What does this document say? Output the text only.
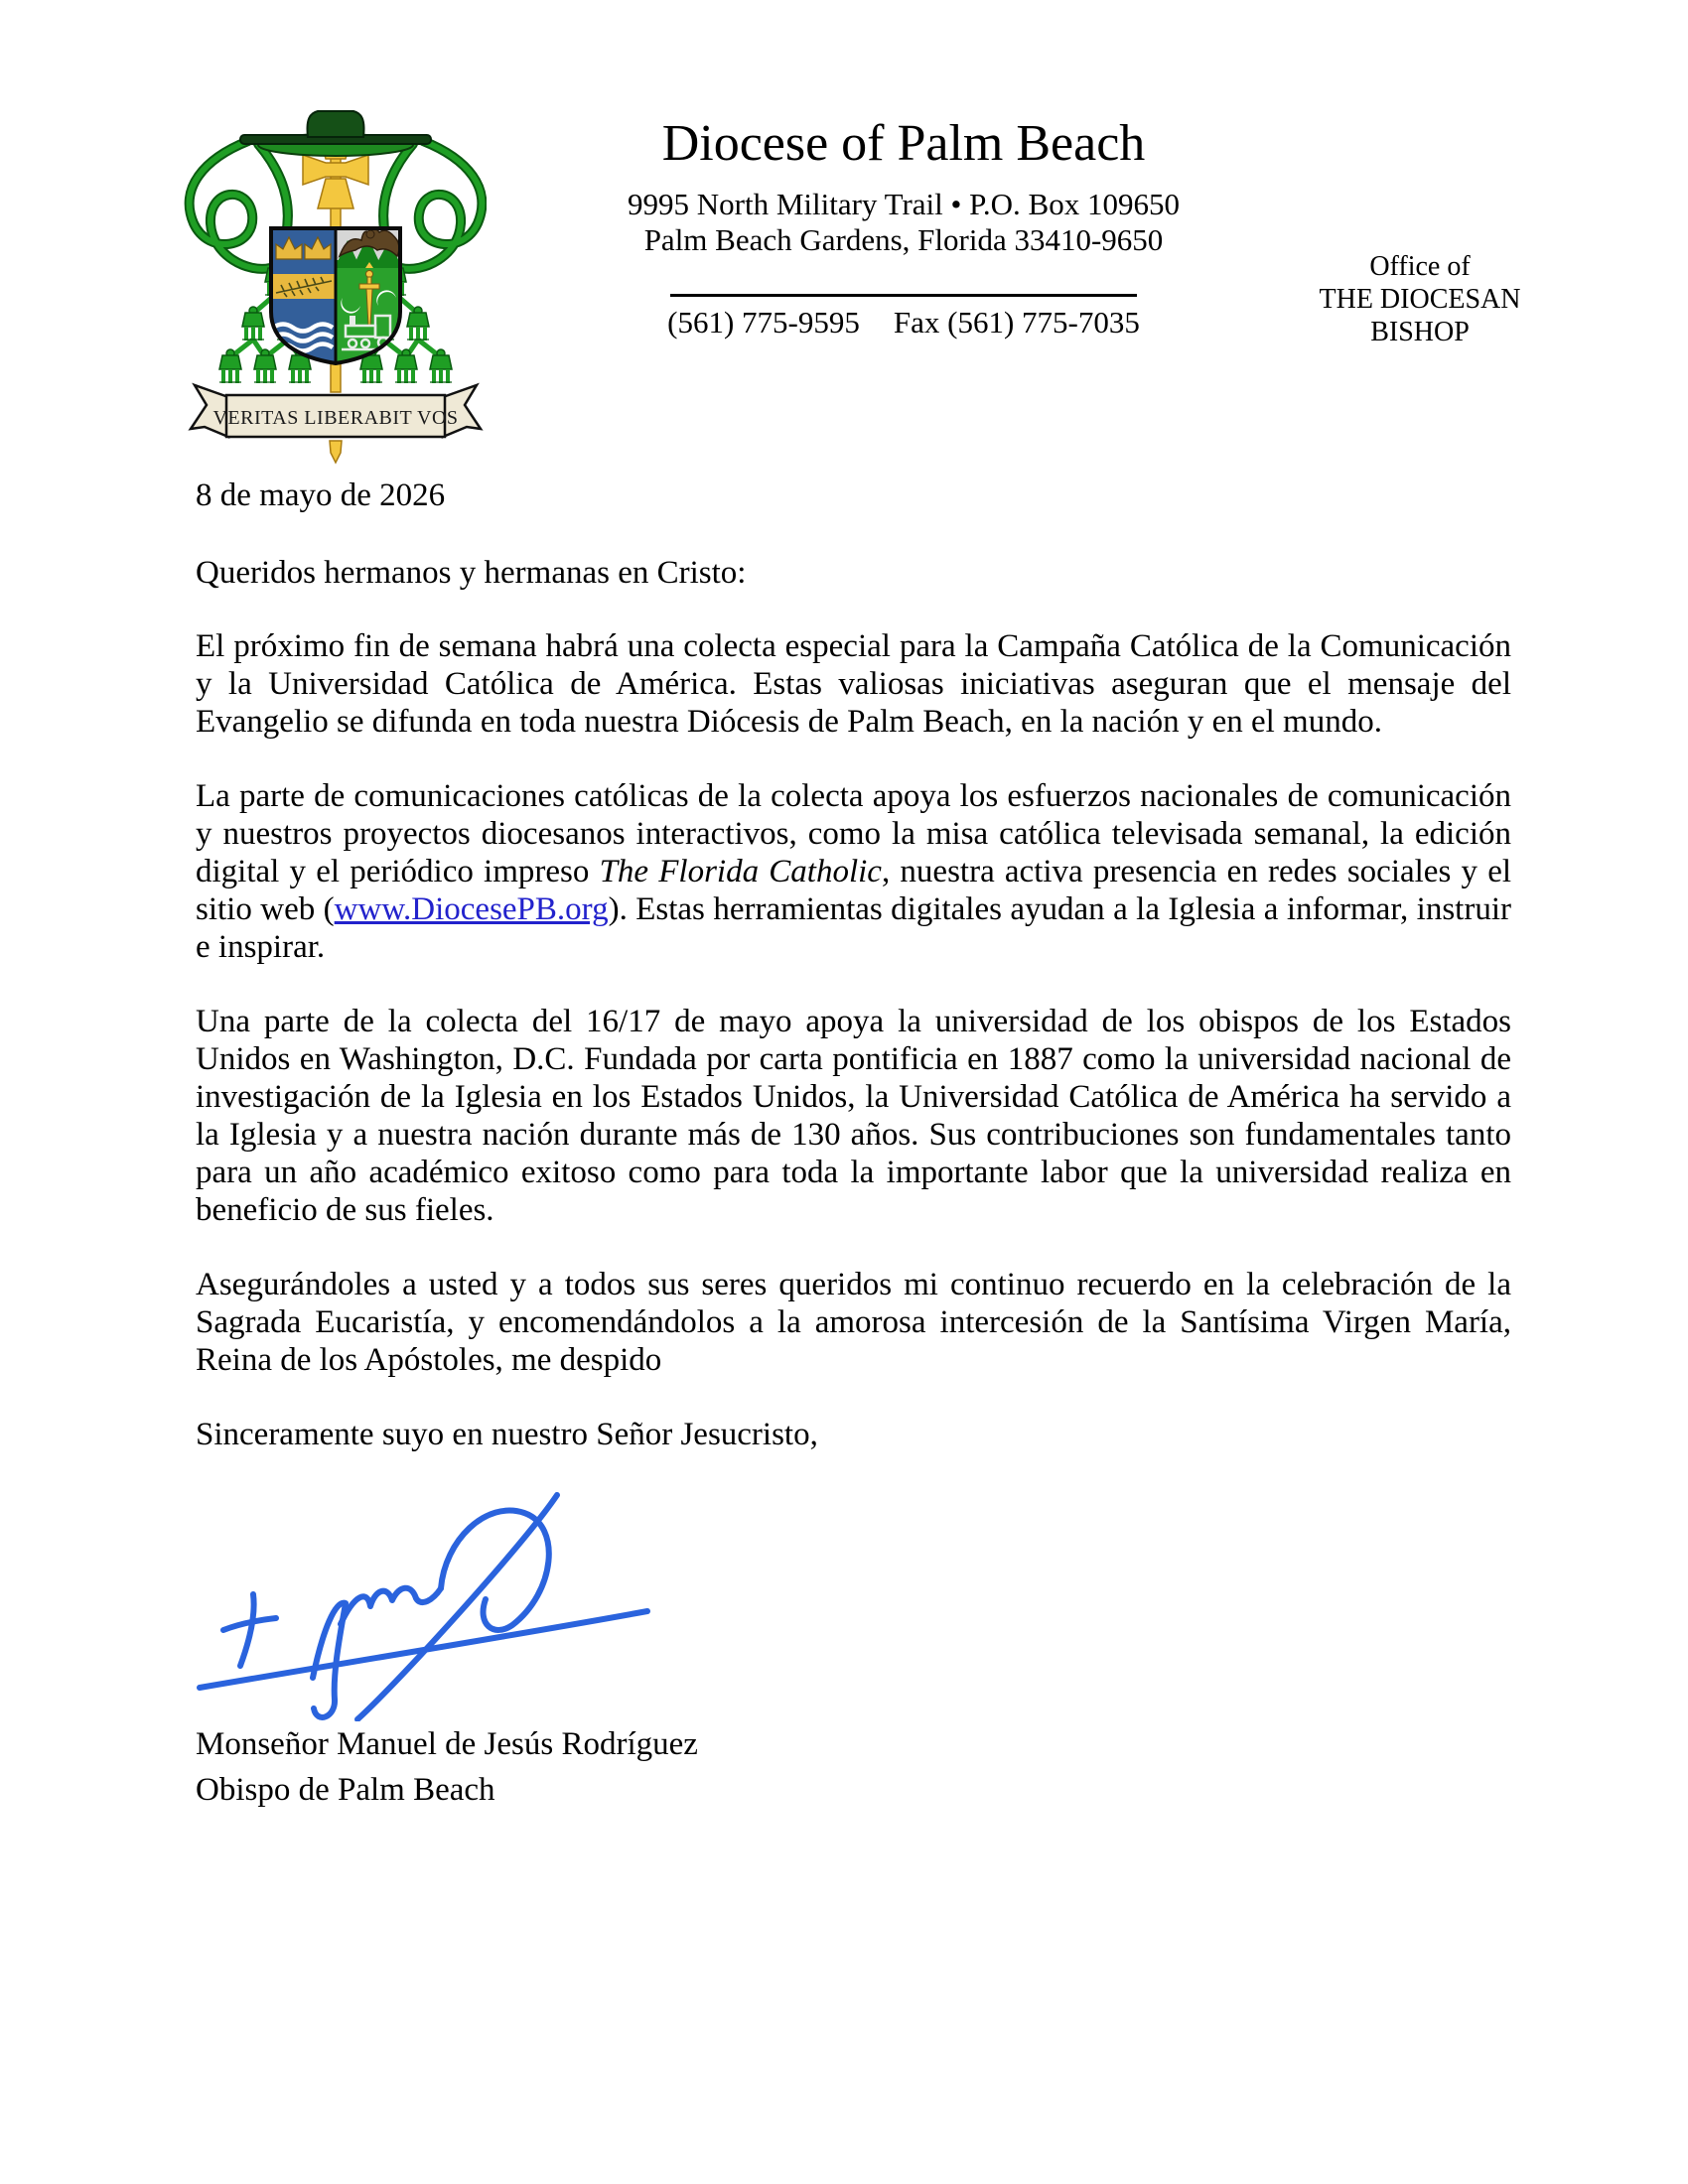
VERITAS LIBERABIT VOS
Diocese of Palm Beach
9995 North Military Trail • P.O. Box 109650
Palm Beach Gardens, Florida 33410-9650
(561) 775-9595 Fax (561) 775-7035
Office of
THE DIOCESAN
BISHOP

8 de mayo de 2026

Queridos hermanos y hermanas en Cristo:

El próximo fin de semana habrá una colecta especial para la Campaña Católica de la Comunicación y la Universidad Católica de América. Estas valiosas iniciativas aseguran que el mensaje del Evangelio se difunda en toda nuestra Diócesis de Palm Beach, en la nación y en el mundo.

La parte de comunicaciones católicas de la colecta apoya los esfuerzos nacionales de comunicación y nuestros proyectos diocesanos interactivos, como la misa católica televisada semanal, la edición digital y el periódico impreso The Florida Catholic, nuestra activa presencia en redes sociales y el sitio web (www.DiocesePB.org). Estas herramientas digitales ayudan a la Iglesia a informar, instruir e inspirar.

Una parte de la colecta del 16/17 de mayo apoya la universidad de los obispos de los Estados Unidos en Washington, D.C. Fundada por carta pontificia en 1887 como la universidad nacional de investigación de la Iglesia en los Estados Unidos, la Universidad Católica de América ha servido a la Iglesia y a nuestra nación durante más de 130 años. Sus contribuciones son fundamentales tanto para un año académico exitoso como para toda la importante labor que la universidad realiza en beneficio de sus fieles.

Asegurándoles a usted y a todos sus seres queridos mi continuo recuerdo en la celebración de la Sagrada Eucaristía, y encomendándolos a la amorosa intercesión de la Santísima Virgen María, Reina de los Apóstoles, me despido

Sinceramente suyo en nuestro Señor Jesucristo,

Monseñor Manuel de Jesús Rodríguez
Obispo de Palm Beach
